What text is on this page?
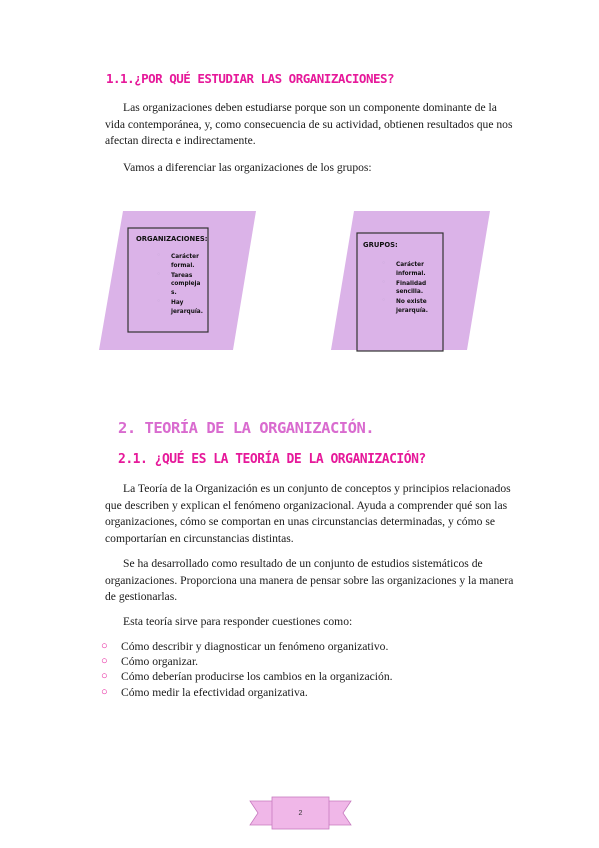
1.1.¿POR QUÉ ESTUDIAR LAS ORGANIZACIONES?
Las organizaciones deben estudiarse porque son un componente dominante de la vida contemporánea, y, como consecuencia de su actividad, obtienen resultados que nos afectan directa e indirectamente.
Vamos a diferenciar las organizaciones de los grupos:
ORGANIZACIONES:
○	Carácter formal.
○	Tareas compleja s.
○	Hay jerarquía.
GRUPOS:
○	Carácter informal.
○	Finalidad sencilla.
○	No existe jerarquía.
2. TEORÍA DE LA ORGANIZACIÓN.
2.1. ¿QUÉ ES LA TEORÍA DE LA ORGANIZACIÓN?
La Teoría de la Organización es un conjunto de conceptos y principios relacionados que describen y explican el fenómeno organizacional. Ayuda a comprender qué son las organizaciones, cómo se comportan en unas circunstancias determinadas, y cómo se comportarían en circunstancias distintas.
Se ha desarrollado como resultado de un conjunto de estudios sistemáticos de organizaciones. Proporciona una manera de pensar sobre las organizaciones y la manera de gestionarlas.
Esta teoría sirve para responder cuestiones como:
○ Cómo describir y diagnosticar un fenómeno organizativo.
○ Cómo organizar.
○ Cómo deberían producirse los cambios en la organización.
○ Cómo medir la efectividad organizativa.
2
